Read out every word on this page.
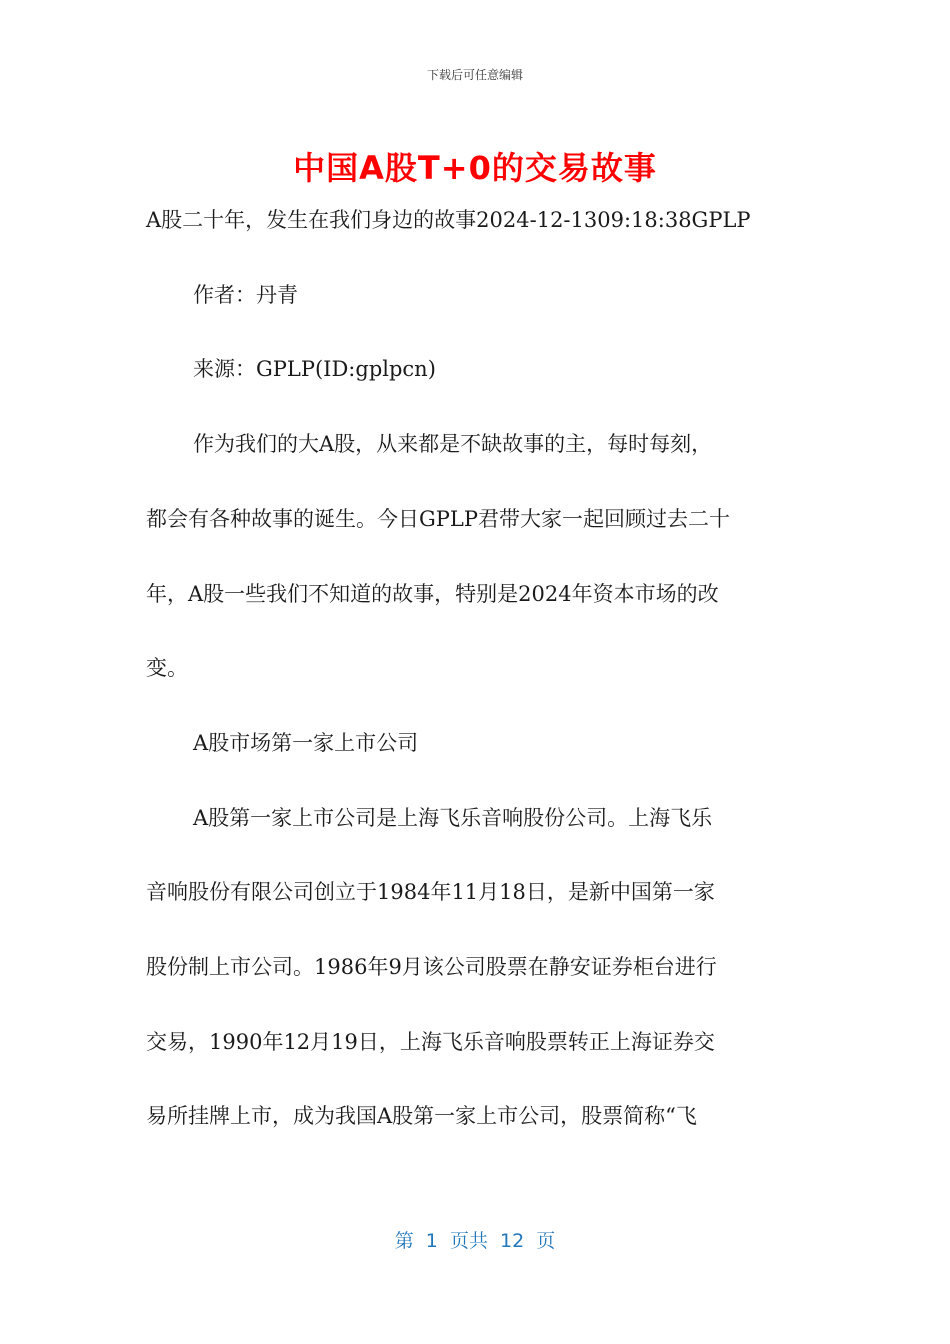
下载后可任意编辑
中国A股T+0的交易故事
A股二十年，发生在我们身边的故事2024-12-1309:18:38GPLP
作者：丹青
来源：GPLP(ID:gplpcn)
作为我们的大A股，从来都是不缺故事的主，每时每刻，
都会有各种故事的诞生。今日GPLP君带大家一起回顾过去二十
年，A股一些我们不知道的故事，特别是2024年资本市场的改
变。
A股市场第一家上市公司
A股第一家上市公司是上海飞乐音响股份公司。上海飞乐
音响股份有限公司创立于1984年11月18日，是新中国第一家
股份制上市公司。1986年9月该公司股票在静安证券柜台进行
交易，1990年12月19日，上海飞乐音响股票转正上海证券交
易所挂牌上市，成为我国A股第一家上市公司，股票简称“飞
第  1  页共  12  页
